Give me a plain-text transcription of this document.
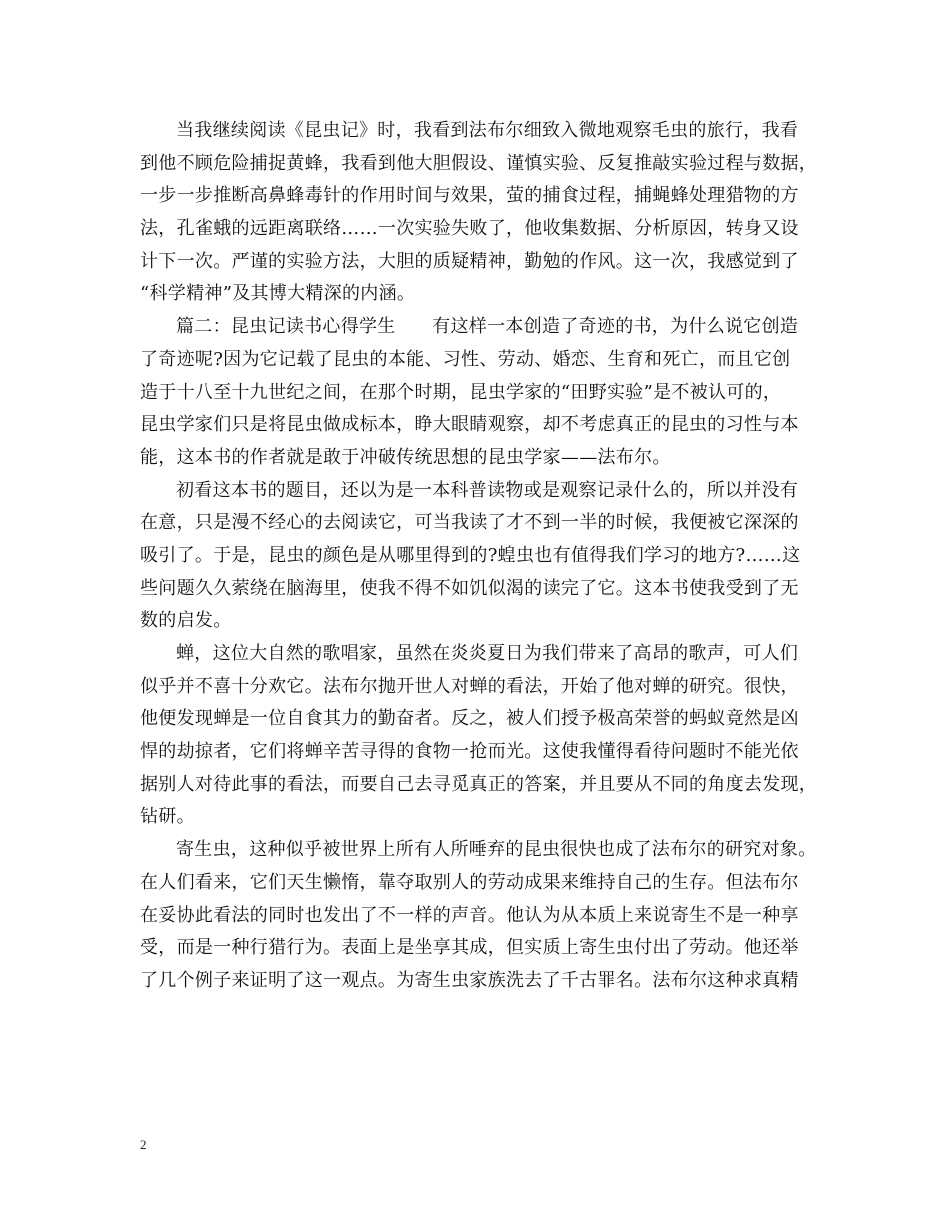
当我继续阅读《昆虫记》时，我看到法布尔细致入微地观察毛虫的旅行，我看
到他不顾危险捕捉黄蜂，我看到他大胆假设、谨慎实验、反复推敲实验过程与数据，
一步一步推断高鼻蜂毒针的作用时间与效果，萤的捕食过程，捕蝇蜂处理猎物的方
法，孔雀蛾的远距离联络……一次实验失败了，他收集数据、分析原因，转身又设
计下一次。严谨的实验方法，大胆的质疑精神，勤勉的作风。这一次，我感觉到了
“科学精神”及其博大精深的内涵。
篇二：昆虫记读书心得学生　　有这样一本创造了奇迹的书，为什么说它创造
了奇迹呢?因为它记载了昆虫的本能、习性、劳动、婚恋、生育和死亡，而且它创
造于十八至十九世纪之间，在那个时期，昆虫学家的“田野实验”是不被认可的，
昆虫学家们只是将昆虫做成标本，睁大眼睛观察，却不考虑真正的昆虫的习性与本
能，这本书的作者就是敢于冲破传统思想的昆虫学家——法布尔。
初看这本书的题目，还以为是一本科普读物或是观察记录什么的，所以并没有
在意，只是漫不经心的去阅读它，可当我读了才不到一半的时候，我便被它深深的
吸引了。于是，昆虫的颜色是从哪里得到的?蝗虫也有值得我们学习的地方?……这
些问题久久萦绕在脑海里，使我不得不如饥似渴的读完了它。这本书使我受到了无
数的启发。
蝉，这位大自然的歌唱家，虽然在炎炎夏日为我们带来了高昂的歌声，可人们
似乎并不喜十分欢它。法布尔抛开世人对蝉的看法，开始了他对蝉的研究。很快，
他便发现蝉是一位自食其力的勤奋者。反之，被人们授予极高荣誉的蚂蚁竟然是凶
悍的劫掠者，它们将蝉辛苦寻得的食物一抢而光。这使我懂得看待问题时不能光依
据别人对待此事的看法，而要自己去寻觅真正的答案，并且要从不同的角度去发现，
钻研。
寄生虫，这种似乎被世界上所有人所唾弃的昆虫很快也成了法布尔的研究对象。
在人们看来，它们天生懒惰，靠夺取别人的劳动成果来维持自己的生存。但法布尔
在妥协此看法的同时也发出了不一样的声音。他认为从本质上来说寄生不是一种享
受，而是一种行猎行为。表面上是坐享其成，但实质上寄生虫付出了劳动。他还举
了几个例子来证明了这一观点。为寄生虫家族洗去了千古罪名。法布尔这种求真精
2
